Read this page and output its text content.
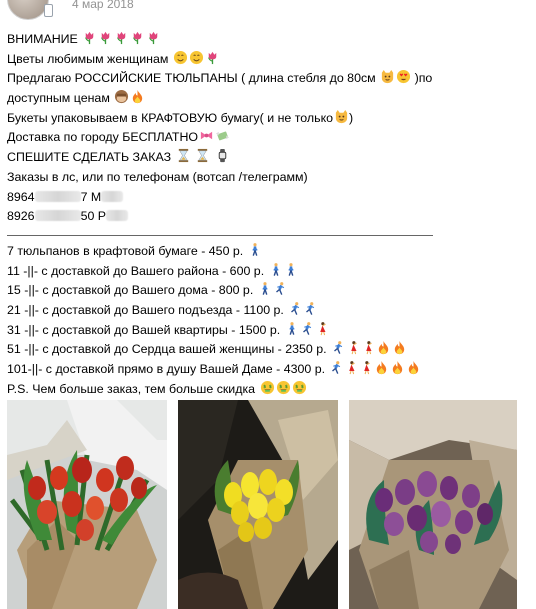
4 мар 2018
ВНИМАНИЕ
Цветы любимым женщинам
Предлагаю РОССИЙСКИЕ ТЮЛЬПАНЫ ( длина стебля до 80см	)по
доступным ценам
Букеты упаковываем в КРАФТОВУЮ бумагу( и не только )
Доставка по городу БЕСПЛАТНО
СПЕШИТЕ СДЕЛАТЬ ЗАКАЗ

Заказы в лс, или по телефонам (вотсап /телеграмм)
8964	7 М
8926	50 Р
7 тюльпанов в крафтовой бумаге - 450 р.
11 -||- с доставкой до Вашего района - 600 р.
15 -||- с доставкой до Вашего дома - 800 р.
21 -||- с доставкой до Вашего подъезда - 1100 р.
31 -||- с доставкой до Вашей квартиры - 1500 р.
51 -||- с доставкой до Сердца вашей женщины - 2350 р.
101-||- с доставкой прямо в душу Вашей Даме - 4300 р.
P.S. Чем больше заказ, тем больше скидка
